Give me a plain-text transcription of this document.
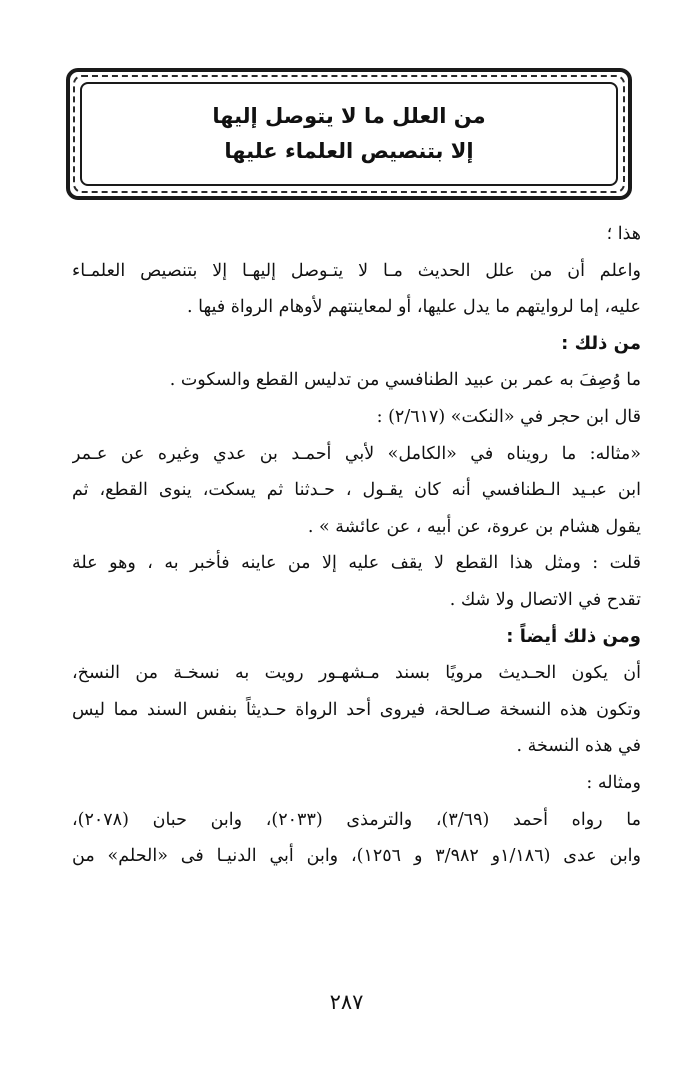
من العلل ما لا يتوصل إليها
إلا بتنصيص العلماء عليها
هذا ؛
واعلم أن من علل الحديث مـا لا يتـوصل إليهـا إلا بتنصيص العلمـاء
عليه، إما لروايتهم ما يدل عليها، أو لمعاينتهم لأوهام الرواة فيها .
من ذلك :
ما وُصِفَ به عمر بن عبيد الطنافسي من تدليس القطع والسكوت .
قال ابن حجر في «النكت» (٢/٦١٧) :
«مثاله: ما رويناه في «الكامل» لأبي أحمـد بن عدي وغيره عن عـمر
ابن عبـيد الـطنافسي أنه كان يقـول ، حـدثنا ثم يسكت، ينوى القطع، ثم
يقول هشام بن عروة، عن أبيه ، عن عائشة » .
قلت : ومثل هذا القطع لا يقف عليه إلا من عاينه فأخبر به ، وهو علة
تقدح في الاتصال ولا شك .
ومن ذلك أيضاً :
أن يكون الحـديث مرويًا بسند مـشهـور رويت به نسخـة من النسخ،
وتكون هذه النسخة صـالحة، فيروى أحد الرواة حـديثاً بنفس السند مما ليس
في هذه النسخة .
ومثاله :
ما رواه أحمد (٣/٦٩)، والترمذى (٢٠٣٣)، وابن حبان (٢٠٧٨)،
وابن عدى (١/١٨٦و ٣/٩٨٢ و ١٢٥٦)، وابن أبي الدنيـا فى «الحلم» من
٢٨٧
